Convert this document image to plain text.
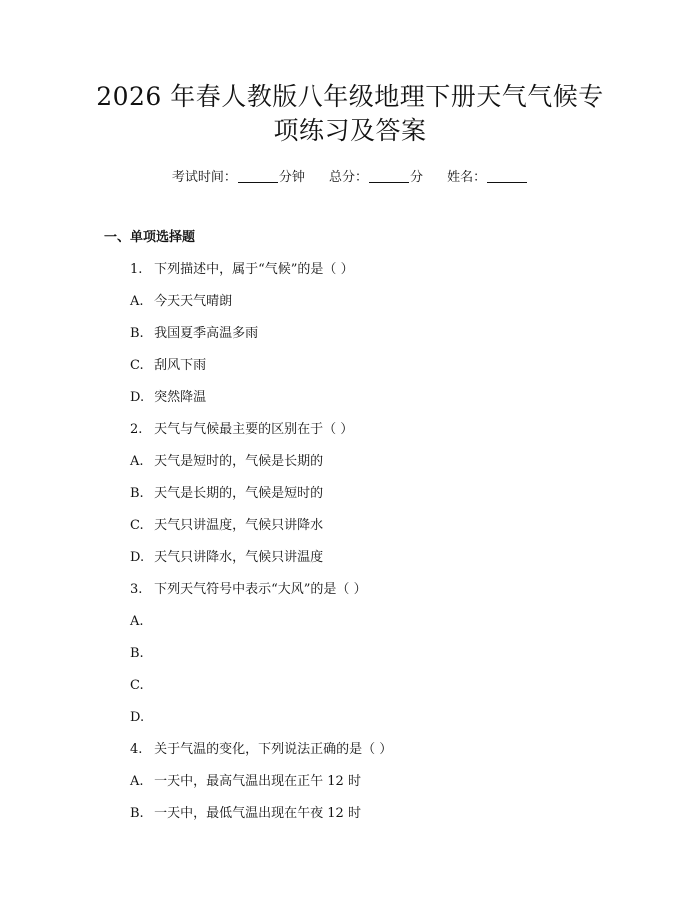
2026 年春人教版八年级地理下册天气气候专
项练习及答案
考试时间：	分钟 总分：	分 姓名：
一、单项选择题
1. 下列描述中，属于“气候”的是（ ）
A. 今天天气晴朗
B. 我国夏季高温多雨
C. 刮风下雨
D. 突然降温
2. 天气与气候最主要的区别在于（ ）
A. 天气是短时的，气候是长期的
B. 天气是长期的，气候是短时的
C. 天气只讲温度，气候只讲降水
D. 天气只讲降水，气候只讲温度
3. 下列天气符号中表示“大风”的是（ ）
A.
B.
C.
D.
4. 关于气温的变化，下列说法正确的是（ ）
A. 一天中，最高气温出现在正午 12 时
B. 一天中，最低气温出现在午夜 12 时
